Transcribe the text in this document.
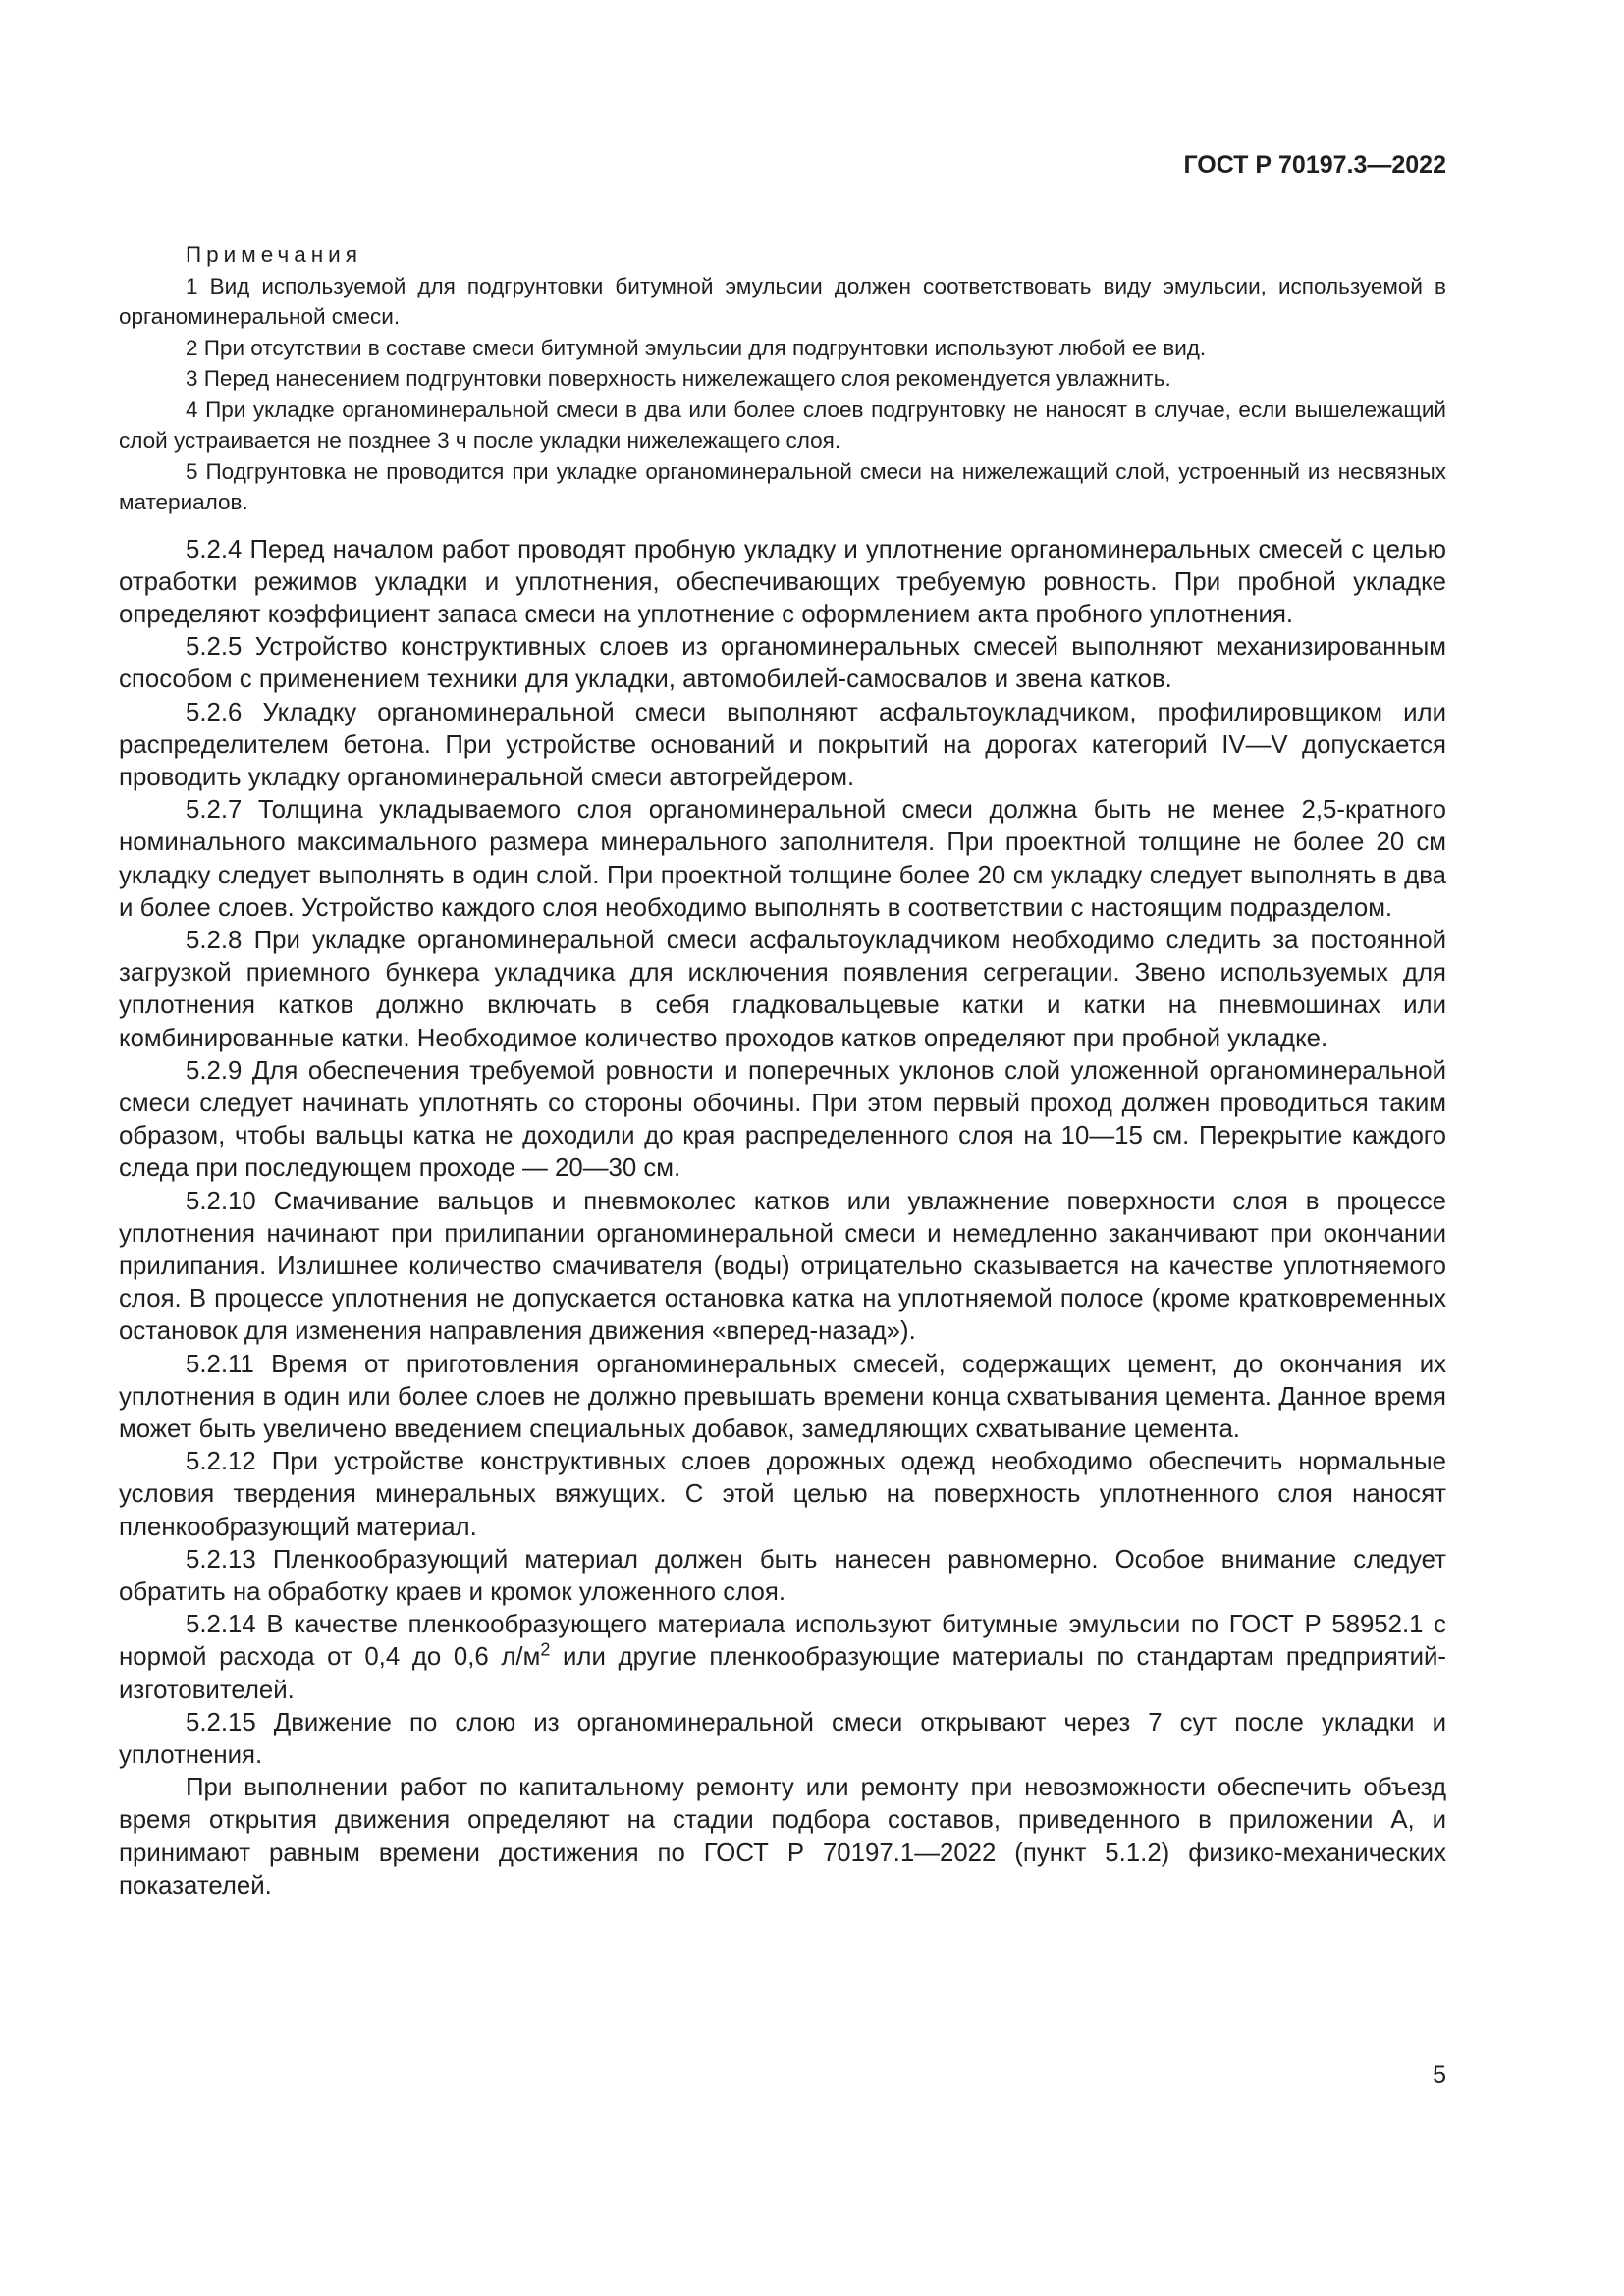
ГОСТ Р 70197.3—2022

Примечания

1 Вид используемой для подгрунтовки битумной эмульсии должен соответствовать виду эмульсии, используемой в органоминеральной смеси.

2 При отсутствии в составе смеси битумной эмульсии для подгрунтовки используют любой ее вид.

3 Перед нанесением подгрунтовки поверхность нижележащего слоя рекомендуется увлажнить.

4 При укладке органоминеральной смеси в два или более слоев подгрунтовку не наносят в случае, если вышележащий слой устраивается не позднее 3 ч после укладки нижележащего слоя.

5 Подгрунтовка не проводится при укладке органоминеральной смеси на нижележащий слой, устроенный из несвязных материалов.

5.2.4 Перед началом работ проводят пробную укладку и уплотнение органоминеральных смесей с целью отработки режимов укладки и уплотнения, обеспечивающих требуемую ровность. При пробной укладке определяют коэффициент запаса смеси на уплотнение с оформлением акта пробного уплотнения.

5.2.5 Устройство конструктивных слоев из органоминеральных смесей выполняют механизированным способом с применением техники для укладки, автомобилей-самосвалов и звена катков.

5.2.6 Укладку органоминеральной смеси выполняют асфальтоукладчиком, профилировщиком или распределителем бетона. При устройстве оснований и покрытий на дорогах категорий IV—V допускается проводить укладку органоминеральной смеси автогрейдером.

5.2.7 Толщина укладываемого слоя органоминеральной смеси должна быть не менее 2,5-кратного номинального максимального размера минерального заполнителя. При проектной толщине не более 20 см укладку следует выполнять в один слой. При проектной толщине более 20 см укладку следует выполнять в два и более слоев. Устройство каждого слоя необходимо выполнять в соответствии с настоящим подразделом.

5.2.8 При укладке органоминеральной смеси асфальтоукладчиком необходимо следить за постоянной загрузкой приемного бункера укладчика для исключения появления сегрегации. Звено используемых для уплотнения катков должно включать в себя гладковальцевые катки и катки на пневмошинах или комбинированные катки. Необходимое количество проходов катков определяют при пробной укладке.

5.2.9 Для обеспечения требуемой ровности и поперечных уклонов слой уложенной органоминеральной смеси следует начинать уплотнять со стороны обочины. При этом первый проход должен проводиться таким образом, чтобы вальцы катка не доходили до края распределенного слоя на 10—15 см. Перекрытие каждого следа при последующем проходе — 20—30 см.

5.2.10 Смачивание вальцов и пневмоколес катков или увлажнение поверхности слоя в процессе уплотнения начинают при прилипании органоминеральной смеси и немедленно заканчивают при окончании прилипания. Излишнее количество смачивателя (воды) отрицательно сказывается на качестве уплотняемого слоя. В процессе уплотнения не допускается остановка катка на уплотняемой полосе (кроме кратковременных остановок для изменения направления движения «вперед-назад»).

5.2.11 Время от приготовления органоминеральных смесей, содержащих цемент, до окончания их уплотнения в один или более слоев не должно превышать времени конца схватывания цемента. Данное время может быть увеличено введением специальных добавок, замедляющих схватывание цемента.

5.2.12 При устройстве конструктивных слоев дорожных одежд необходимо обеспечить нормальные условия твердения минеральных вяжущих. С этой целью на поверхность уплотненного слоя наносят пленкообразующий материал.

5.2.13 Пленкообразующий материал должен быть нанесен равномерно. Особое внимание следует обратить на обработку краев и кромок уложенного слоя.

5.2.14 В качестве пленкообразующего материала используют битумные эмульсии по ГОСТ Р 58952.1 с нормой расхода от 0,4 до 0,6 $л/м^2$ или другие пленкообразующие материалы по стандартам предприятий-изготовителей.

5.2.15 Движение по слою из органоминеральной смеси открывают через 7 сут после укладки и уплотнения.

При выполнении работ по капитальному ремонту или ремонту при невозможности обеспечить объезд время открытия движения определяют на стадии подбора составов, приведенного в приложении А, и принимают равным времени достижения по ГОСТ Р 70197.1—2022 (пункт 5.1.2) физико-механических показателей.

5
